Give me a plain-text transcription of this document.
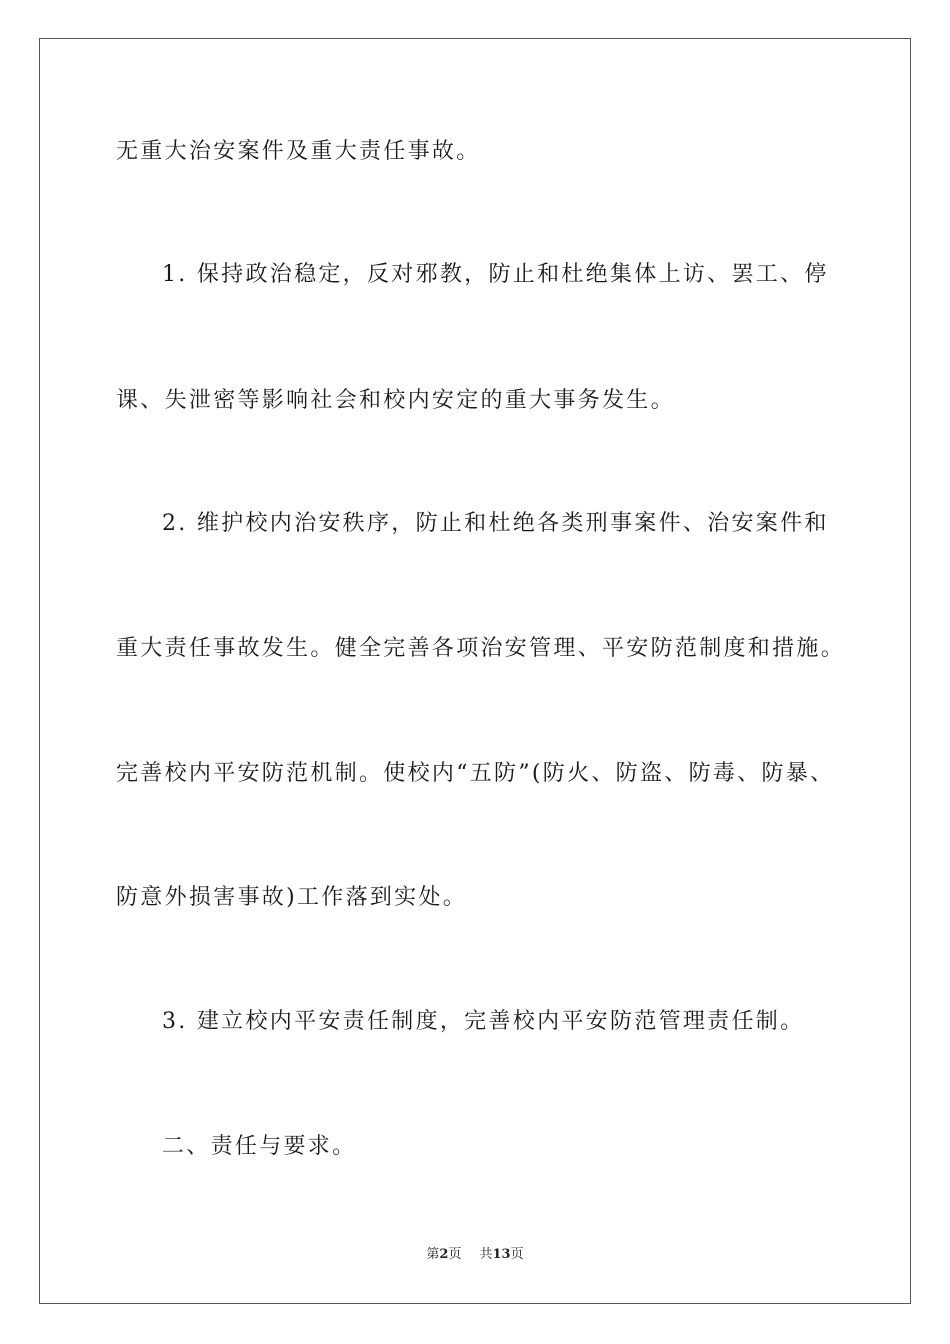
无重大治安案件及重大责任事故。
1. 保持政治稳定，反对邪教，防止和杜绝集体上访、罢工、停
课、失泄密等影响社会和校内安定的重大事务发生。
2. 维护校内治安秩序，防止和杜绝各类刑事案件、治安案件和
重大责任事故发生。健全完善各项治安管理、平安防范制度和措施。
完善校内平安防范机制。使校内“五防”(防火、防盗、防毒、防暴、
防意外损害事故)工作落到实处。
3. 建立校内平安责任制度，完善校内平安防范管理责任制。
二、责任与要求。
第2页 共13页
